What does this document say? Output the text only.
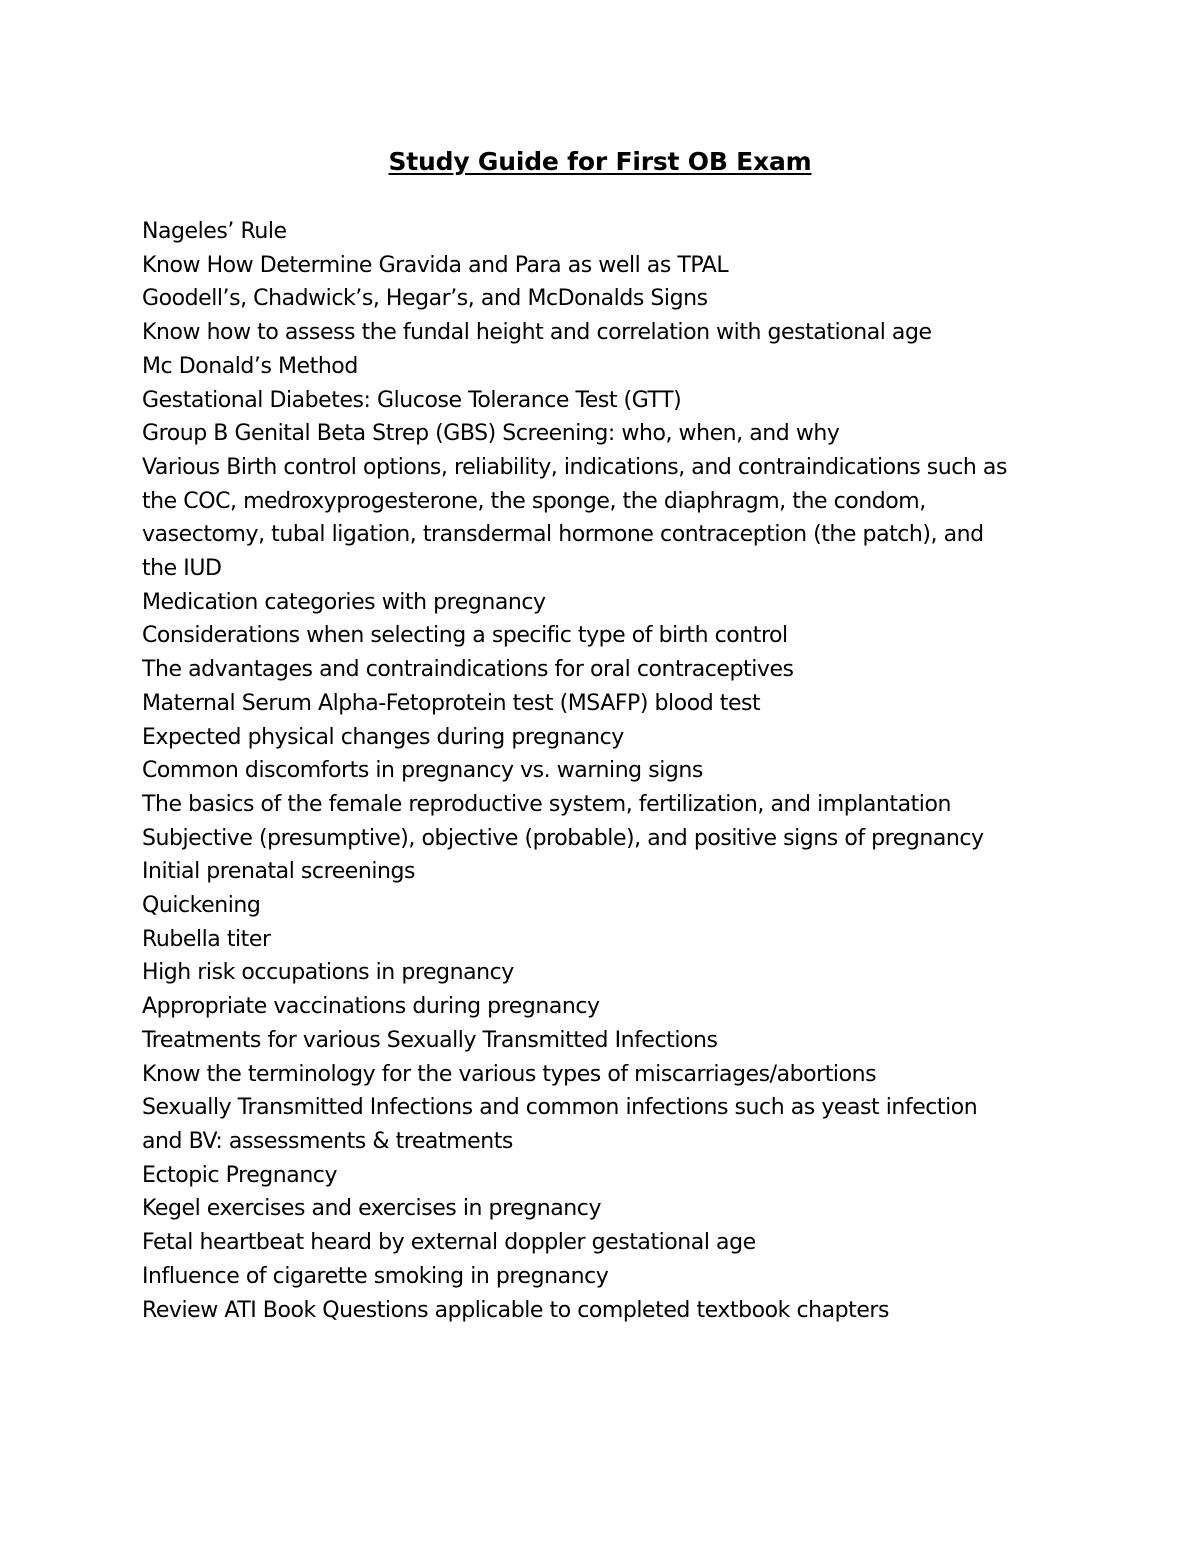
Study Guide for First OB Exam
Nageles’ Rule
Know How Determine Gravida and Para as well as TPAL
Goodell’s, Chadwick’s, Hegar’s, and McDonalds Signs
Know how to assess the fundal height and correlation with gestational age
Mc Donald’s Method
Gestational Diabetes: Glucose Tolerance Test (GTT)
Group B Genital Beta Strep (GBS) Screening: who, when, and why
Various Birth control options, reliability, indications, and contraindications such as
the COC, medroxyprogesterone, the sponge, the diaphragm, the condom,
vasectomy, tubal ligation, transdermal hormone contraception (the patch), and
the IUD
Medication categories with pregnancy
Considerations when selecting a specific type of birth control
The advantages and contraindications for oral contraceptives
Maternal Serum Alpha-Fetoprotein test (MSAFP) blood test
Expected physical changes during pregnancy
Common discomforts in pregnancy vs. warning signs
The basics of the female reproductive system, fertilization, and implantation
Subjective (presumptive), objective (probable), and positive signs of pregnancy
Initial prenatal screenings
Quickening
Rubella titer
High risk occupations in pregnancy
Appropriate vaccinations during pregnancy
Treatments for various Sexually Transmitted Infections
Know the terminology for the various types of miscarriages/abortions
Sexually Transmitted Infections and common infections such as yeast infection
and BV: assessments & treatments
Ectopic Pregnancy
Kegel exercises and exercises in pregnancy
Fetal heartbeat heard by external doppler gestational age
Influence of cigarette smoking in pregnancy
Review ATI Book Questions applicable to completed textbook chapters
